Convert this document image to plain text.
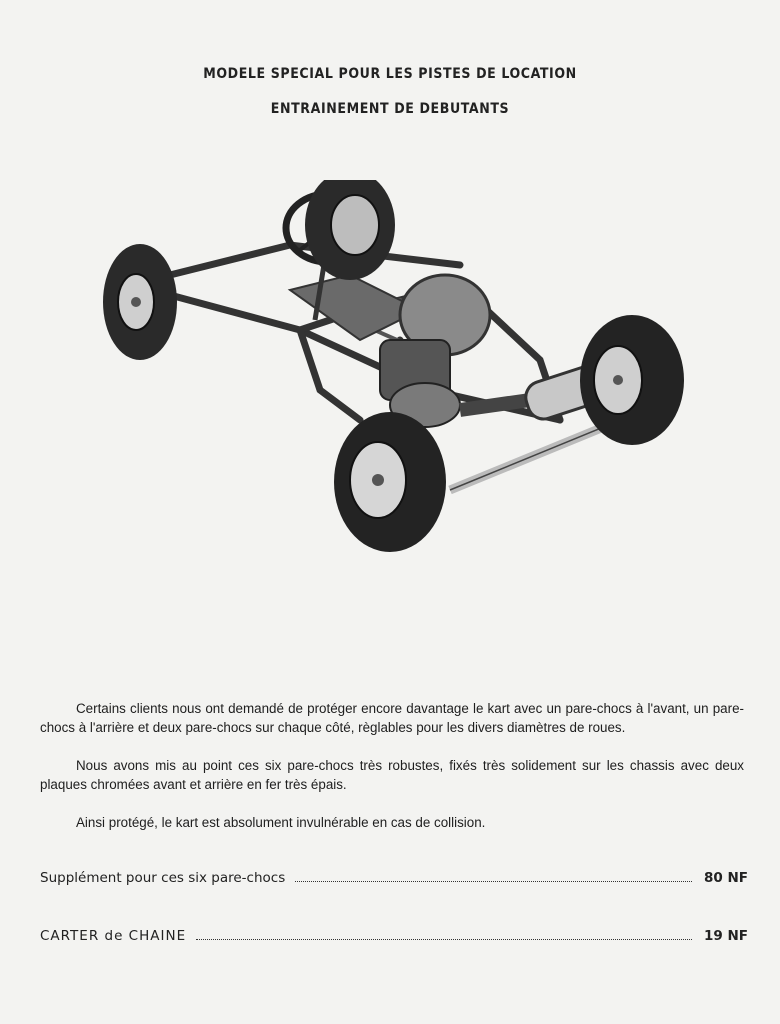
MODELE SPECIAL POUR LES PISTES DE LOCATION
ENTRAINEMENT DE DEBUTANTS

Certains clients nous ont demandé de protéger encore davantage le kart avec un pare-chocs à l'avant, un pare-chocs à l'arrière et deux pare-chocs sur chaque côté, règlables pour les divers diamètres de roues.

Nous avons mis au point ces six pare-chocs très robustes, fixés très solidement sur les chassis avec deux plaques chromées avant et arrière en fer très épais.

Ainsi protégé, le kart est absolument invulnérable en cas de collision.

Supplément pour ces six pare-chocs	80 NF
CARTER de CHAINE	19 NF
